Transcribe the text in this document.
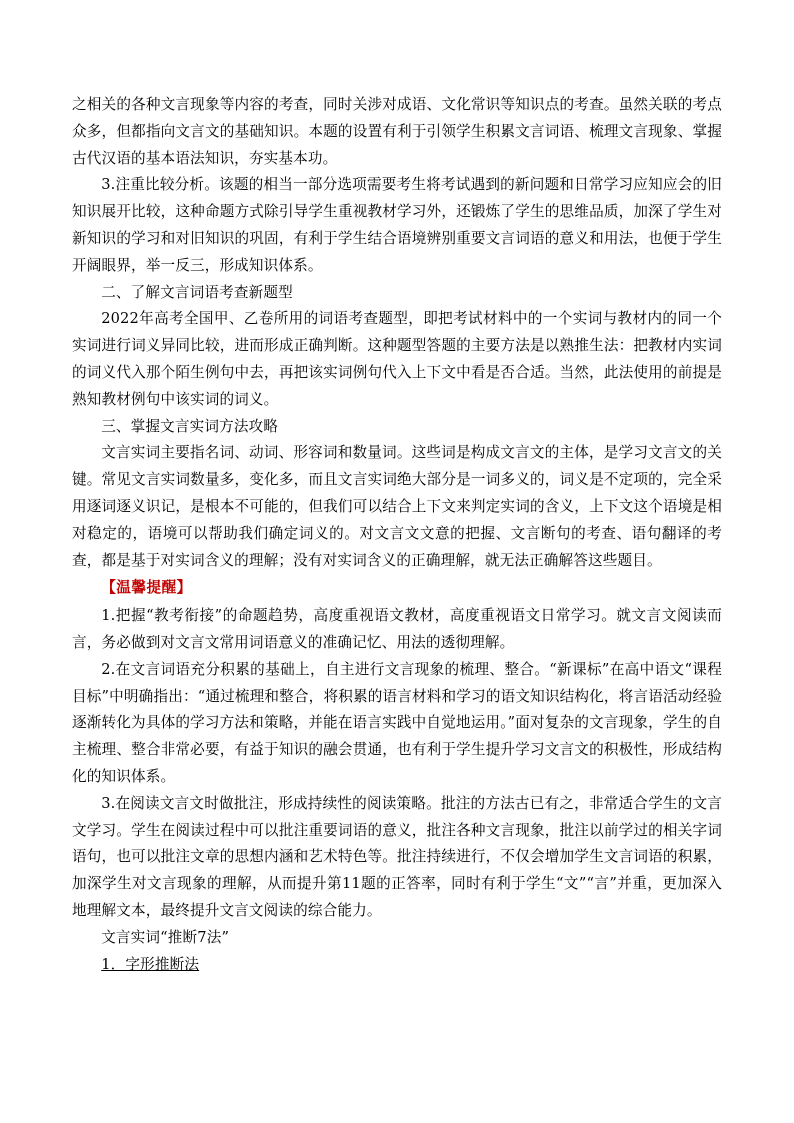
之相关的各种文言现象等内容的考查，同时关涉对成语、文化常识等知识点的考查。虽然关联的考点众多，但都指向文言文的基础知识。本题的设置有利于引领学生积累文言词语、梳理文言现象、掌握古代汉语的基本语法知识，夯实基本功。

3.注重比较分析。该题的相当一部分选项需要考生将考试遇到的新问题和日常学习应知应会的旧知识展开比较，这种命题方式除引导学生重视教材学习外，还锻炼了学生的思维品质，加深了学生对新知识的学习和对旧知识的巩固，有利于学生结合语境辨别重要文言词语的意义和用法，也便于学生开阔眼界，举一反三，形成知识体系。

二、了解文言词语考查新题型

2022年高考全国甲、乙卷所用的词语考查题型，即把考试材料中的一个实词与教材内的同一个实词进行词义异同比较，进而形成正确判断。这种题型答题的主要方法是以熟推生法：把教材内实词的词义代入那个陌生例句中去，再把该实词例句代入上下文中看是否合适。当然，此法使用的前提是熟知教材例句中该实词的词义。

三、掌握文言实词方法攻略

文言实词主要指名词、动词、形容词和数量词。这些词是构成文言文的主体，是学习文言文的关键。常见文言实词数量多，变化多，而且文言实词绝大部分是一词多义的，词义是不定项的，完全采用逐词逐义识记，是根本不可能的，但我们可以结合上下文来判定实词的含义，上下文这个语境是相对稳定的，语境可以帮助我们确定词义的。对文言文文意的把握、文言断句的考查、语句翻译的考查，都是基于对实词含义的理解；没有对实词含义的正确理解，就无法正确解答这些题目。

【温馨提醒】

1.把握“教考衔接”的命题趋势，高度重视语文教材，高度重视语文日常学习。就文言文阅读而言，务必做到对文言文常用词语意义的准确记忆、用法的透彻理解。

2.在文言词语充分积累的基础上，自主进行文言现象的梳理、整合。“新课标”在高中语文“课程目标”中明确指出：“通过梳理和整合，将积累的语言材料和学习的语文知识结构化，将言语活动经验逐渐转化为具体的学习方法和策略，并能在语言实践中自觉地运用。”面对复杂的文言现象，学生的自主梳理、整合非常必要，有益于知识的融会贯通，也有利于学生提升学习文言文的积极性，形成结构化的知识体系。

3.在阅读文言文时做批注，形成持续性的阅读策略。批注的方法古已有之，非常适合学生的文言文学习。学生在阅读过程中可以批注重要词语的意义，批注各种文言现象，批注以前学过的相关字词语句，也可以批注文章的思想内涵和艺术特色等。批注持续进行，不仅会增加学生文言词语的积累，加深学生对文言现象的理解，从而提升第11题的正答率，同时有利于学生“文”“言”并重，更加深入地理解文本，最终提升文言文阅读的综合能力。

文言实词“推断7法”

1．字形推断法
